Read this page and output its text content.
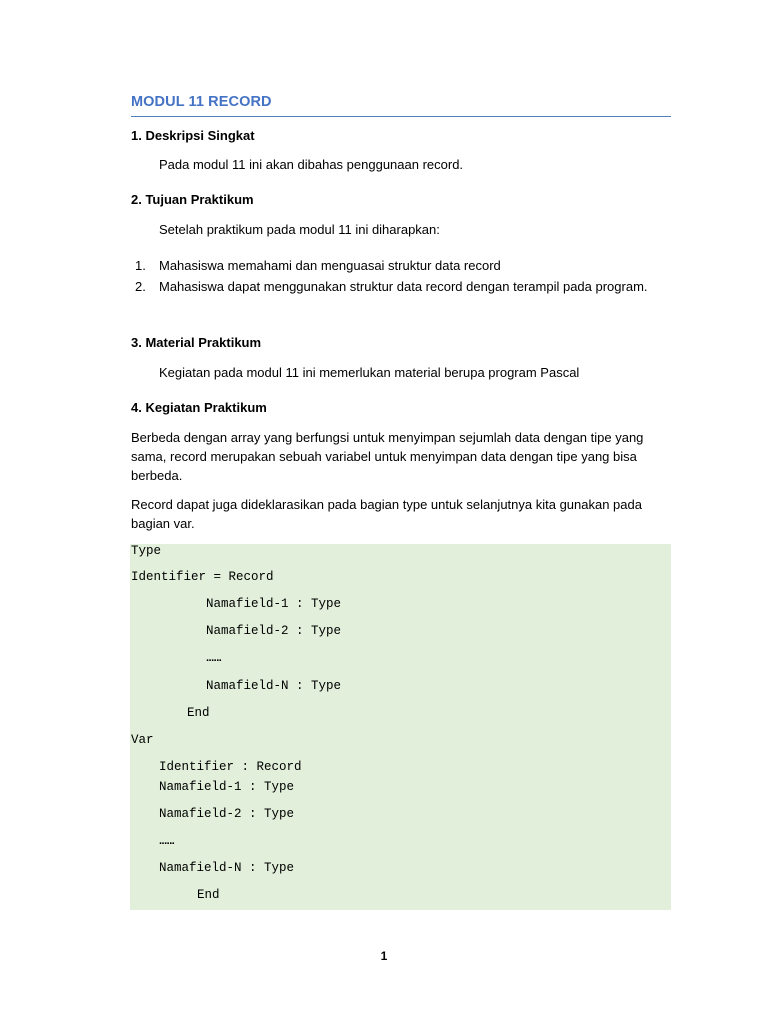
MODUL 11 RECORD
1. Deskripsi Singkat
Pada modul 11 ini akan dibahas penggunaan record.
2. Tujuan Praktikum
Setelah praktikum pada modul 11 ini diharapkan:
1. Mahasiswa memahami dan menguasai struktur data record
2. Mahasiswa dapat menggunakan struktur data record dengan terampil pada program.
3. Material Praktikum
Kegiatan pada modul 11 ini memerlukan material berupa program Pascal
4. Kegiatan Praktikum
Berbeda dengan array yang berfungsi untuk menyimpan sejumlah data dengan tipe yang sama, record merupakan sebuah variabel untuk menyimpan data dengan tipe yang bisa berbeda.
Record dapat juga dideklarasikan pada bagian type untuk selanjutnya kita gunakan pada bagian var.
Type
Identifier = Record
Namafield-1 : Type
Namafield-2 : Type
......
Namafield-N : Type
End
Var
Identifier : Record
Namafield-1 : Type
Namafield-2 : Type
......
Namafield-N : Type
End
1
